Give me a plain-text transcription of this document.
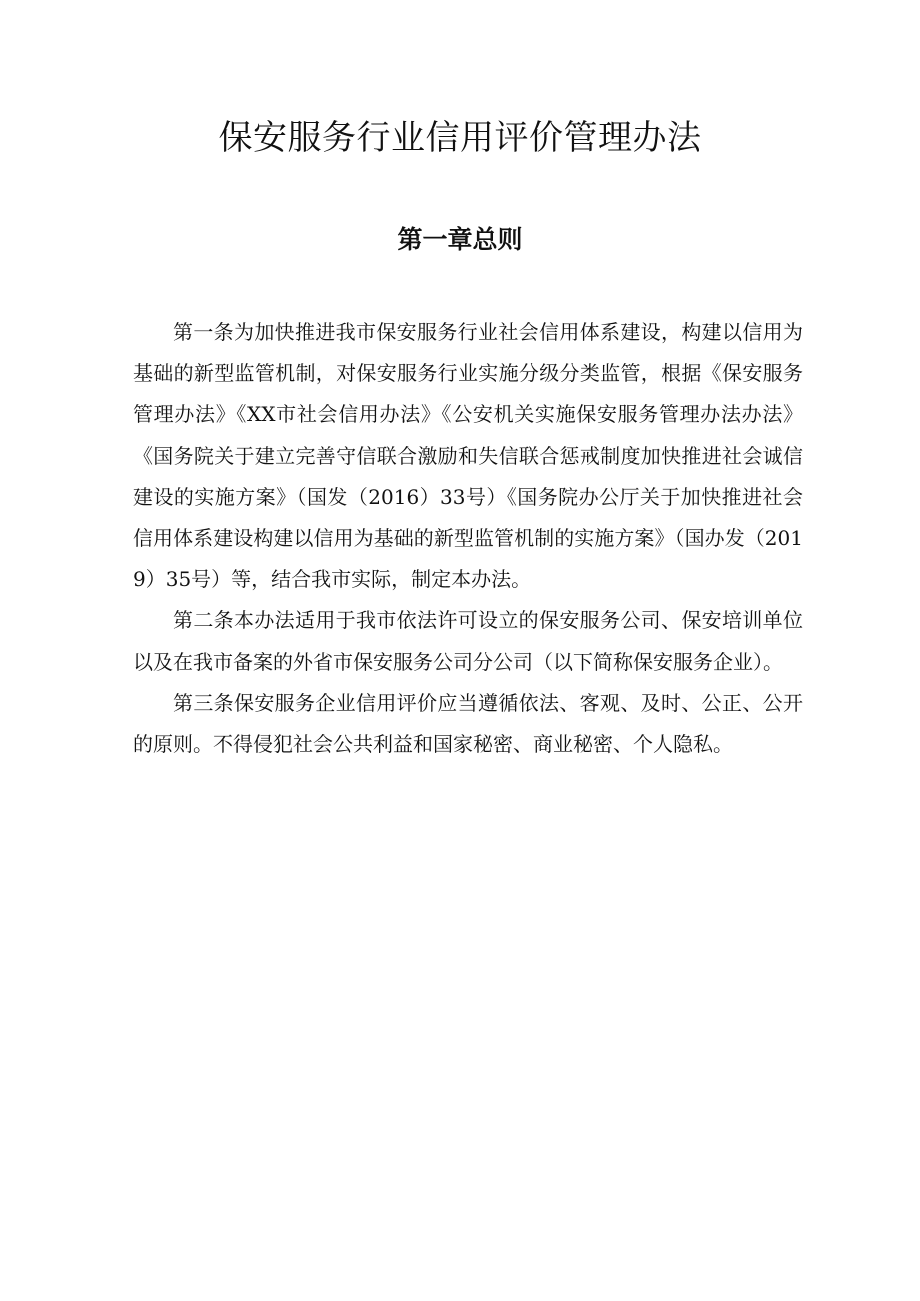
保安服务行业信用评价管理办法
第一章总则

第一条为加快推进我市保安服务行业社会信用体系建设，构建以信用为基础的新型监管机制，对保安服务行业实施分级分类监管，根据《保安服务管理办法》《XX市社会信用办法》《公安机关实施保安服务管理办法办法》《国务院关于建立完善守信联合激励和失信联合惩戒制度加快推进社会诚信建设的实施方案》（国发（2016）33号）《国务院办公厅关于加快推进社会信用体系建设构建以信用为基础的新型监管机制的实施方案》（国办发（2019）35号）等，结合我市实际，制定本办法。

第二条本办法适用于我市依法许可设立的保安服务公司、保安培训单位以及在我市备案的外省市保安服务公司分公司（以下简称保安服务企业）。

第三条保安服务企业信用评价应当遵循依法、客观、及时、公正、公开的原则。不得侵犯社会公共利益和国家秘密、商业秘密、个人隐私。
